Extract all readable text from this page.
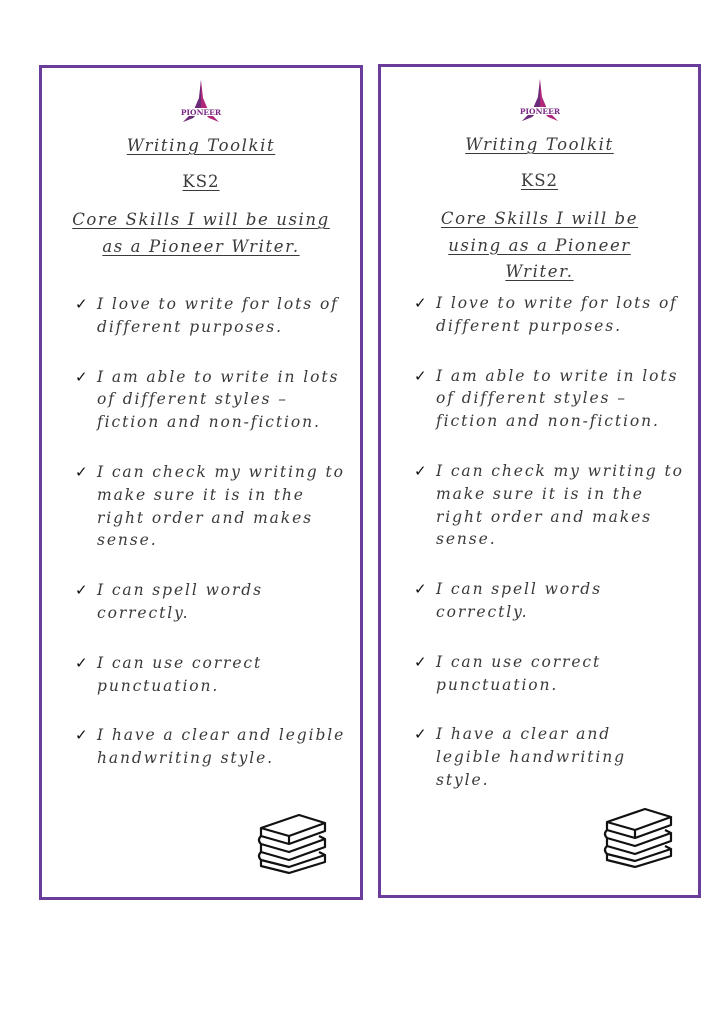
PIONEER
Writing Toolkit
KS2
Core Skills I will be using as a Pioneer Writer.
✓ I love to write for lots of different purposes.
✓ I am able to write in lots of different styles – fiction and non-fiction.
✓ I can check my writing to make sure it is in the right order and makes sense.
✓ I can spell words correctly.
✓ I can use correct punctuation.
✓ I have a clear and legible handwriting style.
PIONEER
Writing Toolkit
KS2
Core Skills I will be using as a Pioneer Writer.
✓ I love to write for lots of different purposes.
✓ I am able to write in lots of different styles – fiction and non-fiction.
✓ I can check my writing to make sure it is in the right order and makes sense.
✓ I can spell words correctly.
✓ I can use correct punctuation.
✓ I have a clear and legible handwriting style.
